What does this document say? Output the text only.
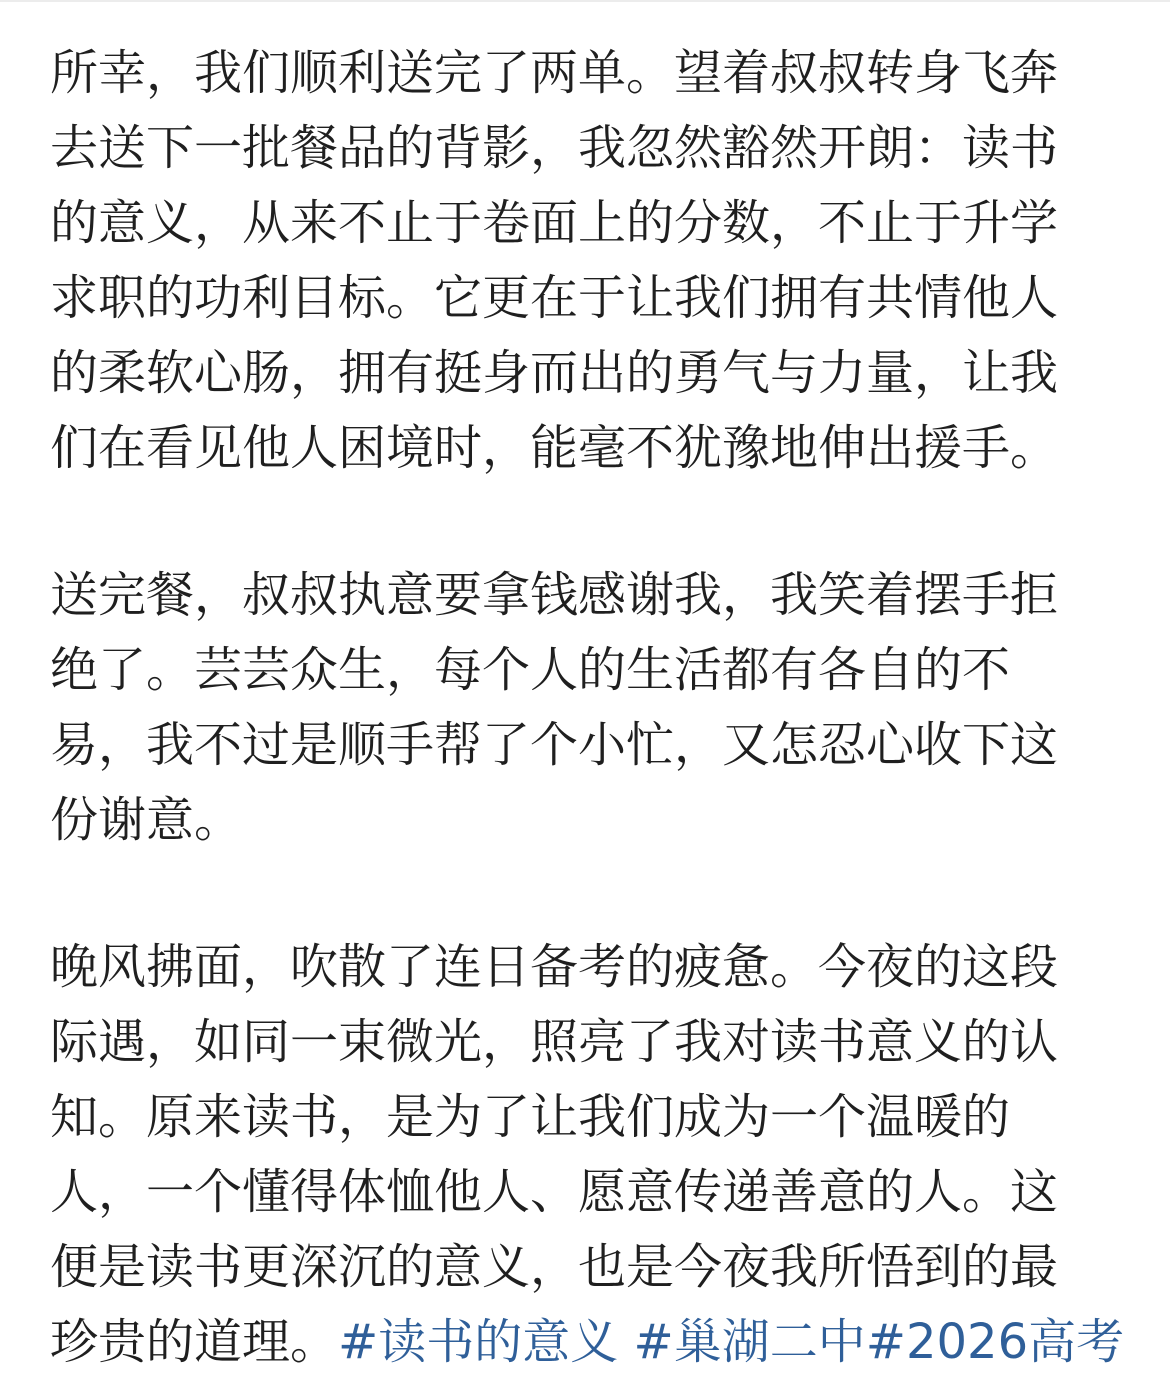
所幸，我们顺利送完了两单。望着叔叔转身飞奔
去送下一批餐品的背影，我忽然豁然开朗：读书
的意义，从来不止于卷面上的分数，不止于升学
求职的功利目标。它更在于让我们拥有共情他人
的柔软心肠，拥有挺身而出的勇气与力量，让我
们在看见他人困境时，能毫不犹豫地伸出援手。
送完餐，叔叔执意要拿钱感谢我，我笑着摆手拒
绝了。芸芸众生，每个人的生活都有各自的不
易，我不过是顺手帮了个小忙，又怎忍心收下这
份谢意。
晚风拂面，吹散了连日备考的疲惫。今夜的这段
际遇，如同一束微光，照亮了我对读书意义的认
知。原来读书，是为了让我们成为一个温暖的
人，一个懂得体恤他人、愿意传递善意的人。这
便是读书更深沉的意义，也是今夜我所悟到的最
珍贵的道理。#读书的意义 #巢湖二中#2026高考
